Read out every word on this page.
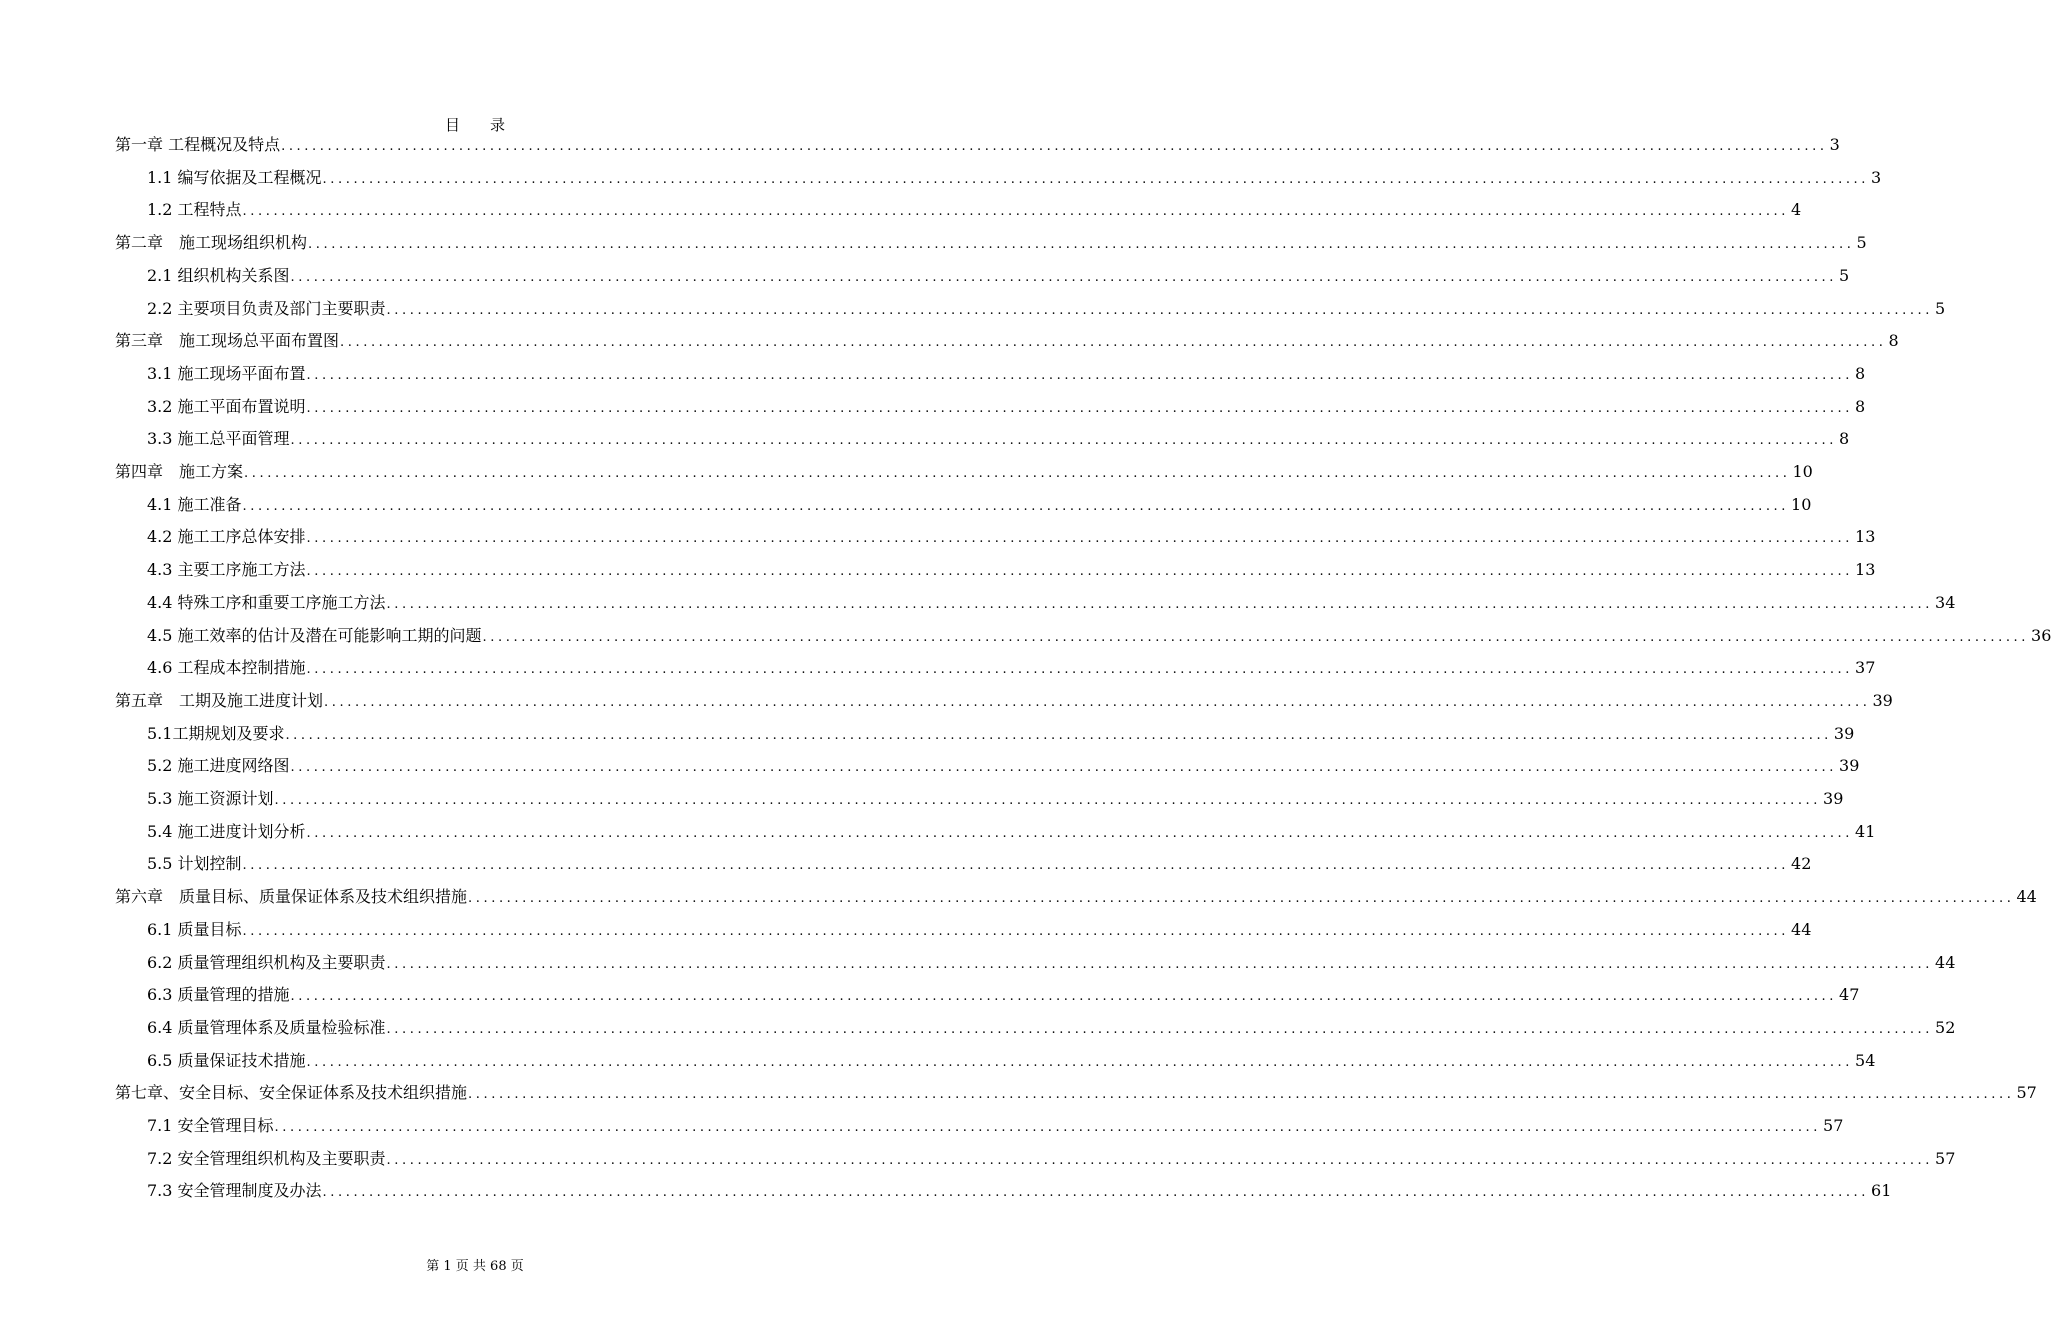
目　　录
第一章 工程概况及特点 ........................................................................................................................................................................................................ 3
1.1 编写依据及工程概况 ........................................................................................................................................................................................................ 3
1.2 工程特点 ........................................................................................................................................................................................................ 4
第二章　施工现场组织机构 ........................................................................................................................................................................................................ 5
2.1 组织机构关系图 ........................................................................................................................................................................................................ 5
2.2 主要项目负责及部门主要职责 ........................................................................................................................................................................................................ 5
第三章　施工现场总平面布置图 ........................................................................................................................................................................................................ 8
3.1 施工现场平面布置 ........................................................................................................................................................................................................ 8
3.2 施工平面布置说明 ........................................................................................................................................................................................................ 8
3.3 施工总平面管理 ........................................................................................................................................................................................................ 8
第四章　施工方案 ........................................................................................................................................................................................................ 10
4.1 施工准备 ........................................................................................................................................................................................................ 10
4.2 施工工序总体安排 ........................................................................................................................................................................................................ 13
4.3 主要工序施工方法 ........................................................................................................................................................................................................ 13
4.4 特殊工序和重要工序施工方法 ........................................................................................................................................................................................................ 34
4.5 施工效率的估计及潜在可能影响工期的问题 ........................................................................................................................................................................................................ 36
4.6 工程成本控制措施 ........................................................................................................................................................................................................ 37
第五章　工期及施工进度计划 ........................................................................................................................................................................................................ 39
5.1工期规划及要求 ........................................................................................................................................................................................................ 39
5.2 施工进度网络图 ........................................................................................................................................................................................................ 39
5.3 施工资源计划 ........................................................................................................................................................................................................ 39
5.4 施工进度计划分析 ........................................................................................................................................................................................................ 41
5.5 计划控制 ........................................................................................................................................................................................................ 42
第六章　质量目标、质量保证体系及技术组织措施 ........................................................................................................................................................................................................ 44
6.1 质量目标 ........................................................................................................................................................................................................ 44
6.2 质量管理组织机构及主要职责 ........................................................................................................................................................................................................ 44
6.3 质量管理的措施 ........................................................................................................................................................................................................ 47
6.4 质量管理体系及质量检验标准 ........................................................................................................................................................................................................ 52
6.5 质量保证技术措施 ........................................................................................................................................................................................................ 54
第七章、安全目标、安全保证体系及技术组织措施 ........................................................................................................................................................................................................ 57
7.1 安全管理目标 ........................................................................................................................................................................................................ 57
7.2 安全管理组织机构及主要职责 ........................................................................................................................................................................................................ 57
7.3 安全管理制度及办法 ........................................................................................................................................................................................................ 61
第 1 页 共 68 页
